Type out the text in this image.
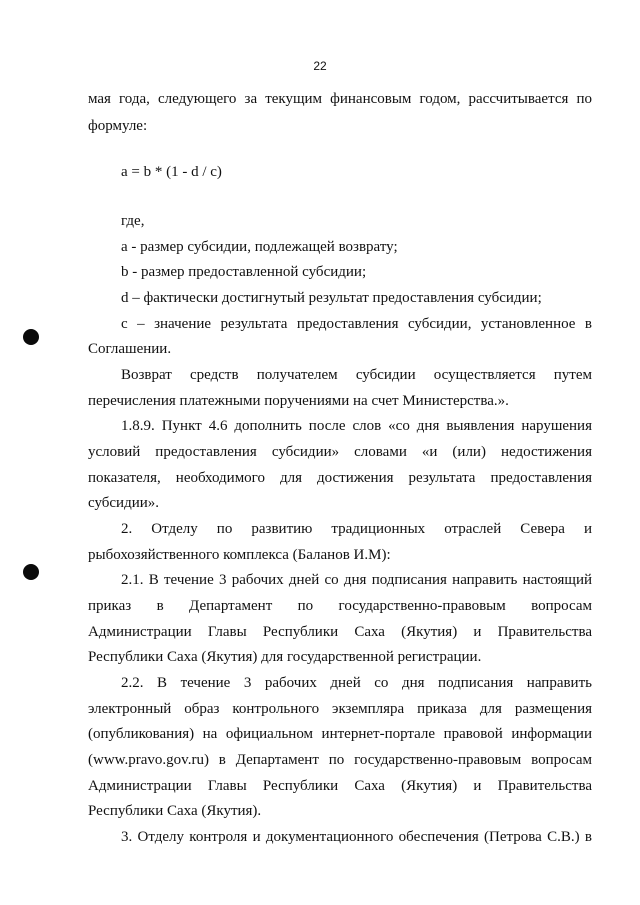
22
мая года, следующего за текущим финансовым годом, рассчитывается по
формуле:
a = b * (1 - d / c)
где,
a - размер субсидии, подлежащей возврату;
b - размер предоставленной субсидии;
d – фактически достигнутый результат предоставления субсидии;
c – значение результата предоставления субсидии, установленное в
Соглашении.
Возврат средств получателем субсидии осуществляется путем
перечисления платежными поручениями на счет Министерства.».
1.8.9. Пункт 4.6 дополнить после слов «со дня выявления нарушения
условий предоставления субсидии» словами «и (или) недостижения
показателя, необходимого для достижения результата предоставления
субсидии».
2. Отделу по развитию традиционных отраслей Севера и
рыбохозяйственного комплекса (Баланов И.М):
2.1. В течение 3 рабочих дней со дня подписания направить настоящий
приказ в Департамент по государственно-правовым вопросам
Администрации Главы Республики Саха (Якутия) и Правительства
Республики Саха (Якутия) для государственной регистрации.
2.2. В течение 3 рабочих дней со дня подписания направить
электронный образ контрольного экземпляра приказа для размещения
(опубликования) на официальном интернет-портале правовой информации
(www.pravo.gov.ru) в Департамент по государственно-правовым вопросам
Администрации Главы Республики Саха (Якутия) и Правительства
Республики Саха (Якутия).
3. Отделу контроля и документационного обеспечения (Петрова С.В.) в
